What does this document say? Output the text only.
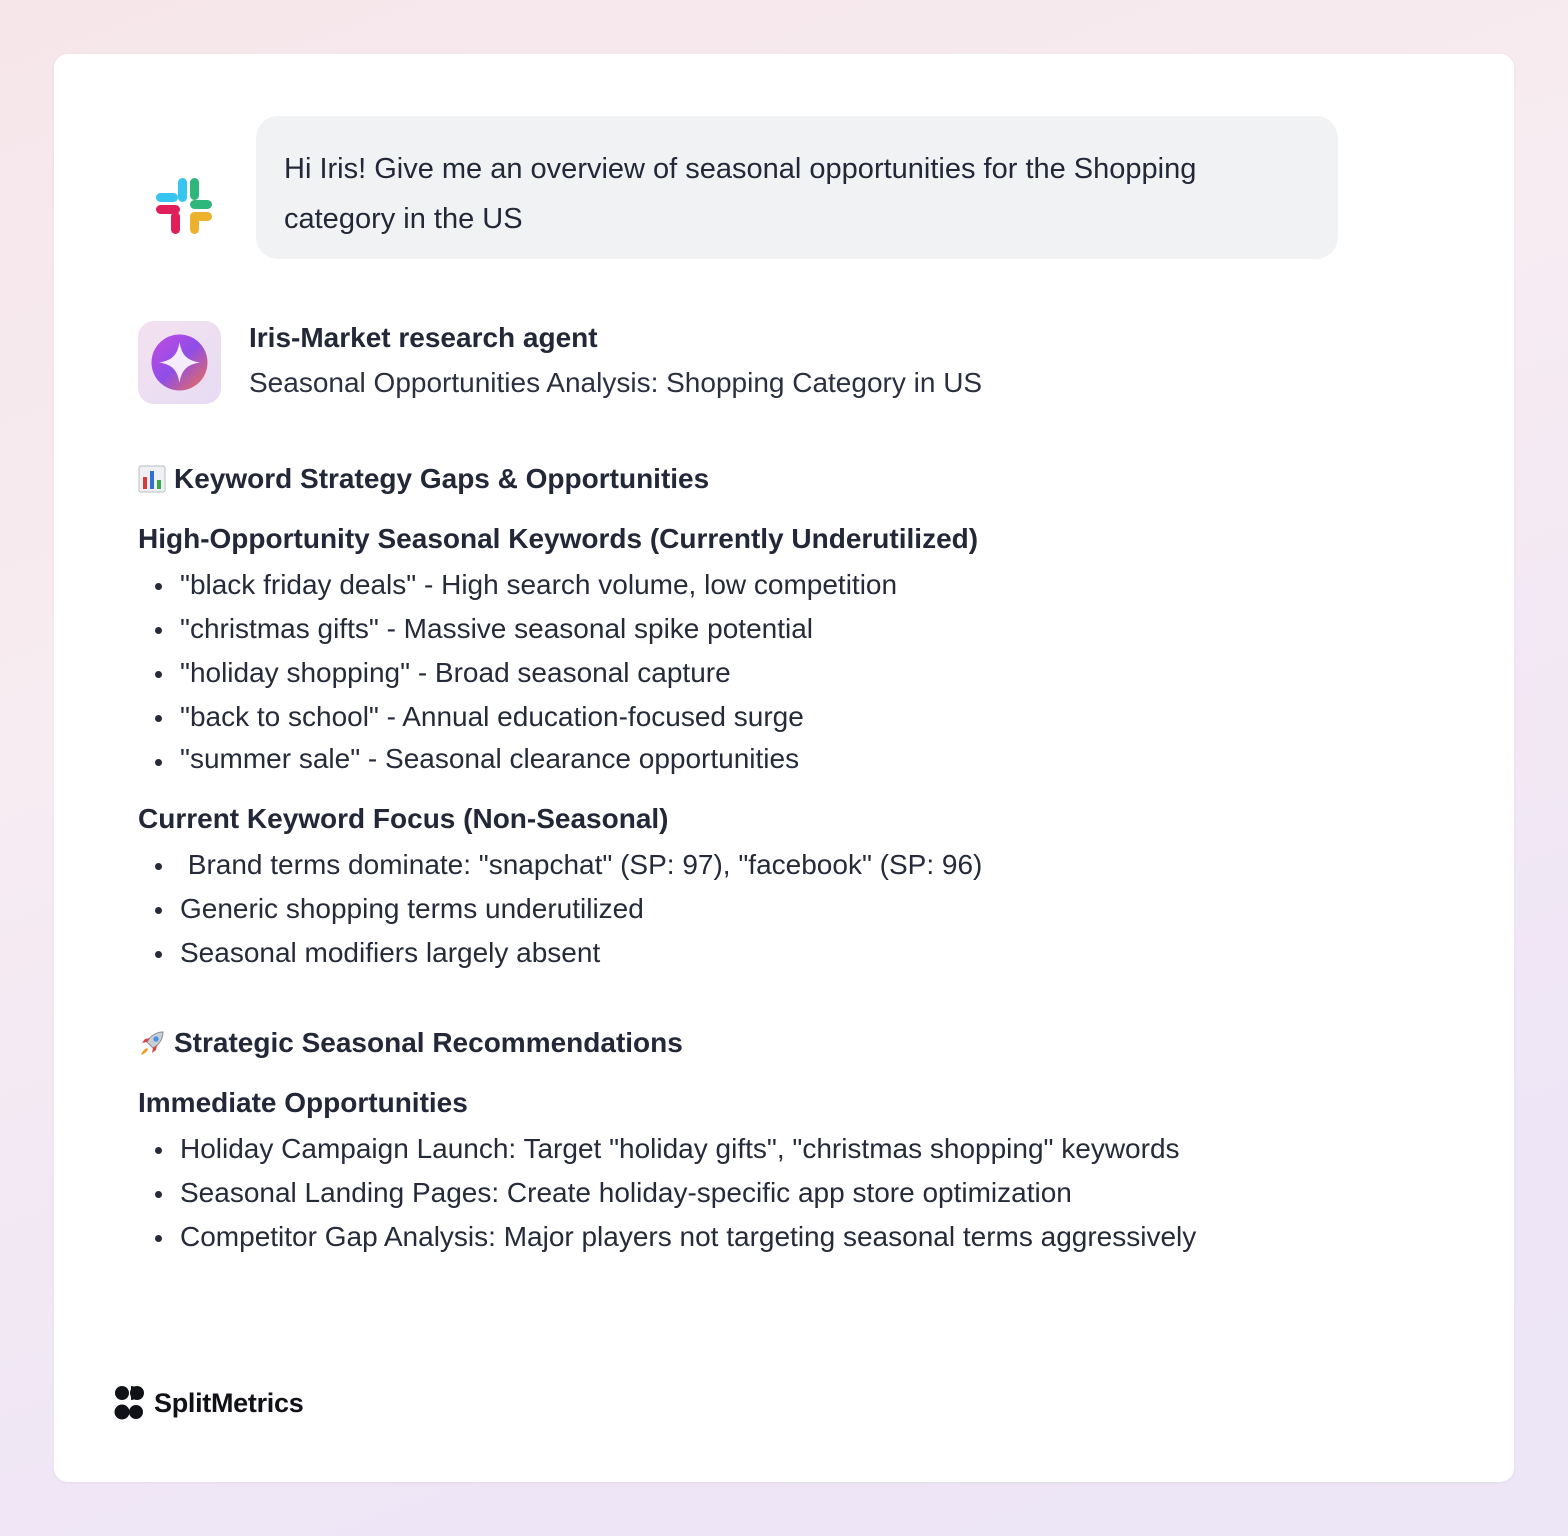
Hi Iris! Give me an overview of seasonal opportunities for the Shopping
category in the US
Iris-Market research agent
Seasonal Opportunities Analysis: Shopping Category in US
Keyword Strategy Gaps & Opportunities
High-Opportunity Seasonal Keywords (Currently Underutilized)
"black friday deals" - High search volume, low competition
"christmas gifts" - Massive seasonal spike potential
"holiday shopping" - Broad seasonal capture
"back to school" - Annual education-focused surge
"summer sale" - Seasonal clearance opportunities
Current Keyword Focus (Non-Seasonal)
Brand terms dominate: "snapchat" (SP: 97), "facebook" (SP: 96)
Generic shopping terms underutilized
Seasonal modifiers largely absent
Strategic Seasonal Recommendations
Immediate Opportunities
Holiday Campaign Launch: Target "holiday gifts", "christmas shopping" keywords
Seasonal Landing Pages: Create holiday-specific app store optimization
Competitor Gap Analysis: Major players not targeting seasonal terms aggressively
SplitMetrics
